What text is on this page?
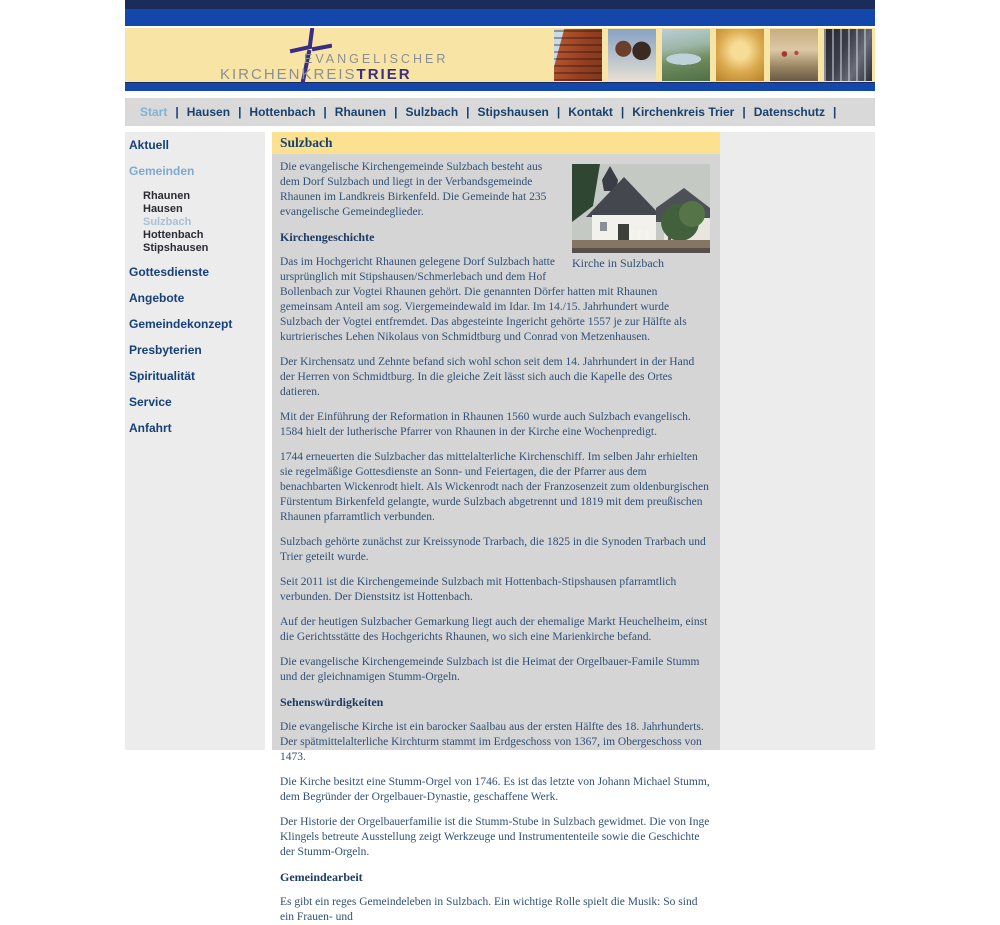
EVANGELISCHER
KIRCHENKREISTRIER
Start | Hausen | Hottenbach | Rhaunen | Sulzbach | Stipshausen | Kontakt | Kirchenkreis Trier | Datenschutz |
Aktuell
Gemeinden
Rhaunen
Hausen
Sulzbach
Hottenbach
Stipshausen
Gottesdienste
Angebote
Gemeindekonzept
Presbyterien
Spiritualität
Service
Anfahrt
Sulzbach
Kirche in Sulzbach

Die evangelische Kirchengemeinde Sulzbach besteht aus dem Dorf Sulzbach und liegt in der Verbandsgemeinde Rhaunen im Landkreis Birkenfeld. Die Gemeinde hat 235 evangelische Gemeindeglieder.

Kirchengeschichte

Das im Hochgericht Rhaunen gelegene Dorf Sulzbach hatte ursprünglich mit Stipshausen/Schmerlebach und dem Hof Bollenbach zur Vogtei Rhaunen gehört. Die genannten Dörfer hatten mit Rhaunen gemeinsam Anteil am sog. Viergemeindewald im Idar. Im 14./15. Jahrhundert wurde Sulzbach der Vogtei entfremdet. Das abgesteinte Ingericht gehörte 1557 je zur Hälfte als kurtrierisches Lehen Nikolaus von Schmidtburg und Conrad von Metzenhausen.

Der Kirchensatz und Zehnte befand sich wohl schon seit dem 14. Jahrhundert in der Hand der Herren von Schmidtburg. In die gleiche Zeit lässt sich auch die Kapelle des Ortes datieren.

Mit der Einführung der Reformation in Rhaunen 1560 wurde auch Sulzbach evangelisch. 1584 hielt der lutherische Pfarrer von Rhaunen in der Kirche eine Wochenpredigt.

1744 erneuerten die Sulzbacher das mittelalterliche Kirchenschiff. Im selben Jahr erhielten sie regelmäßige Gottesdienste an Sonn- und Feiertagen, die der Pfarrer aus dem benachbarten Wickenrodt hielt. Als Wickenrodt nach der Franzosenzeit zum oldenburgischen Fürstentum Birkenfeld gelangte, wurde Sulzbach abgetrennt und 1819 mit dem preußischen Rhaunen pfarramtlich verbunden.

Sulzbach gehörte zunächst zur Kreissynode Trarbach, die 1825 in die Synoden Trarbach und Trier geteilt wurde.

Seit 2011 ist die Kirchengemeinde Sulzbach mit Hottenbach-Stipshausen pfarramtlich verbunden. Der Dienstsitz ist Hottenbach.

Auf der heutigen Sulzbacher Gemarkung liegt auch der ehemalige Markt Heuchelheim, einst die Gerichtsstätte des Hochgerichts Rhaunen, wo sich eine Marienkirche befand.

Die evangelische Kirchengemeinde Sulzbach ist die Heimat der Orgelbauer-Famile Stumm und der gleichnamigen Stumm-Orgeln.

Sehenswürdigkeiten

Die evangelische Kirche ist ein barocker Saalbau aus der ersten Hälfte des 18. Jahrhunderts. Der spätmittelalterliche Kirchturm stammt im Erdgeschoss von 1367, im Obergeschoss von 1473.

Die Kirche besitzt eine Stumm-Orgel von 1746. Es ist das letzte von Johann Michael Stumm, dem Begründer der Orgelbauer-Dynastie, geschaffene Werk.

Der Historie der Orgelbauerfamilie ist die Stumm-Stube in Sulzbach gewidmet. Die von Inge Klingels betreute Ausstellung zeigt Werkzeuge und Instrumententeile sowie die Geschichte der Stumm-Orgeln.

Gemeindearbeit

Es gibt ein reges Gemeindeleben in Sulzbach. Ein wichtige Rolle spielt die Musik: So sind ein Frauen- und
